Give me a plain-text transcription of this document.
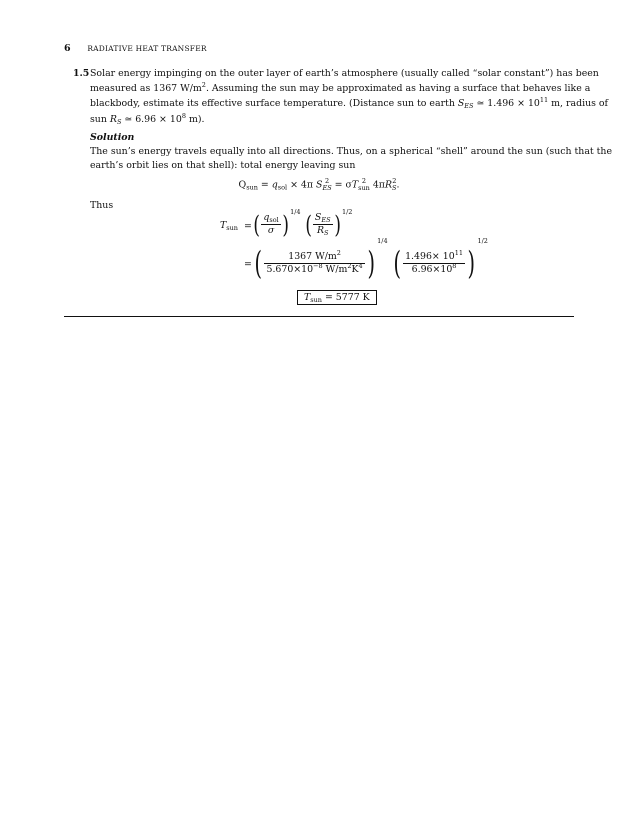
6 RADIATIVE HEAT TRANSFER
1.5 Solar energy impinging on the outer layer of earth’s atmosphere (usually called “solar constant”) has been
measured as 1367 $W/m^2$. Assuming the sun may be approximated as having a surface that behaves like a
blackbody, estimate its effective surface temperature. (Distance sun to earth $S_{ES}$ ≃ $1.496 \times 10^{11}$ m, radius of
sun $R_S$ ≃ $6.96 \times 10^8$ m).
Solution
The sun’s energy travels equally into all directions. Thus, on a spherical “shell” around the sun (such that the
earth’s orbit lies on that shell): total energy leaving sun
$Q_{sun} = q_{sol} \times 4\pi$ S 2
ES = σT 2
sun 4πR 2
S .
Thus
$T_{sun}$ = ( $\frac{q_{sol}}{\sigma} )^{1/4}$ ( $\frac{S_{ES}}{R_S} )^{1/2}$
= ( $\frac{1367 W/m^2}{5.670\times 10^{-8} W/m^2K^4} )^{1/4}$ ( $\frac{1.496\times 10^{11}}{6.96\times 10^8} )^{1/2}$
$T_{sun} = 5777$ K
